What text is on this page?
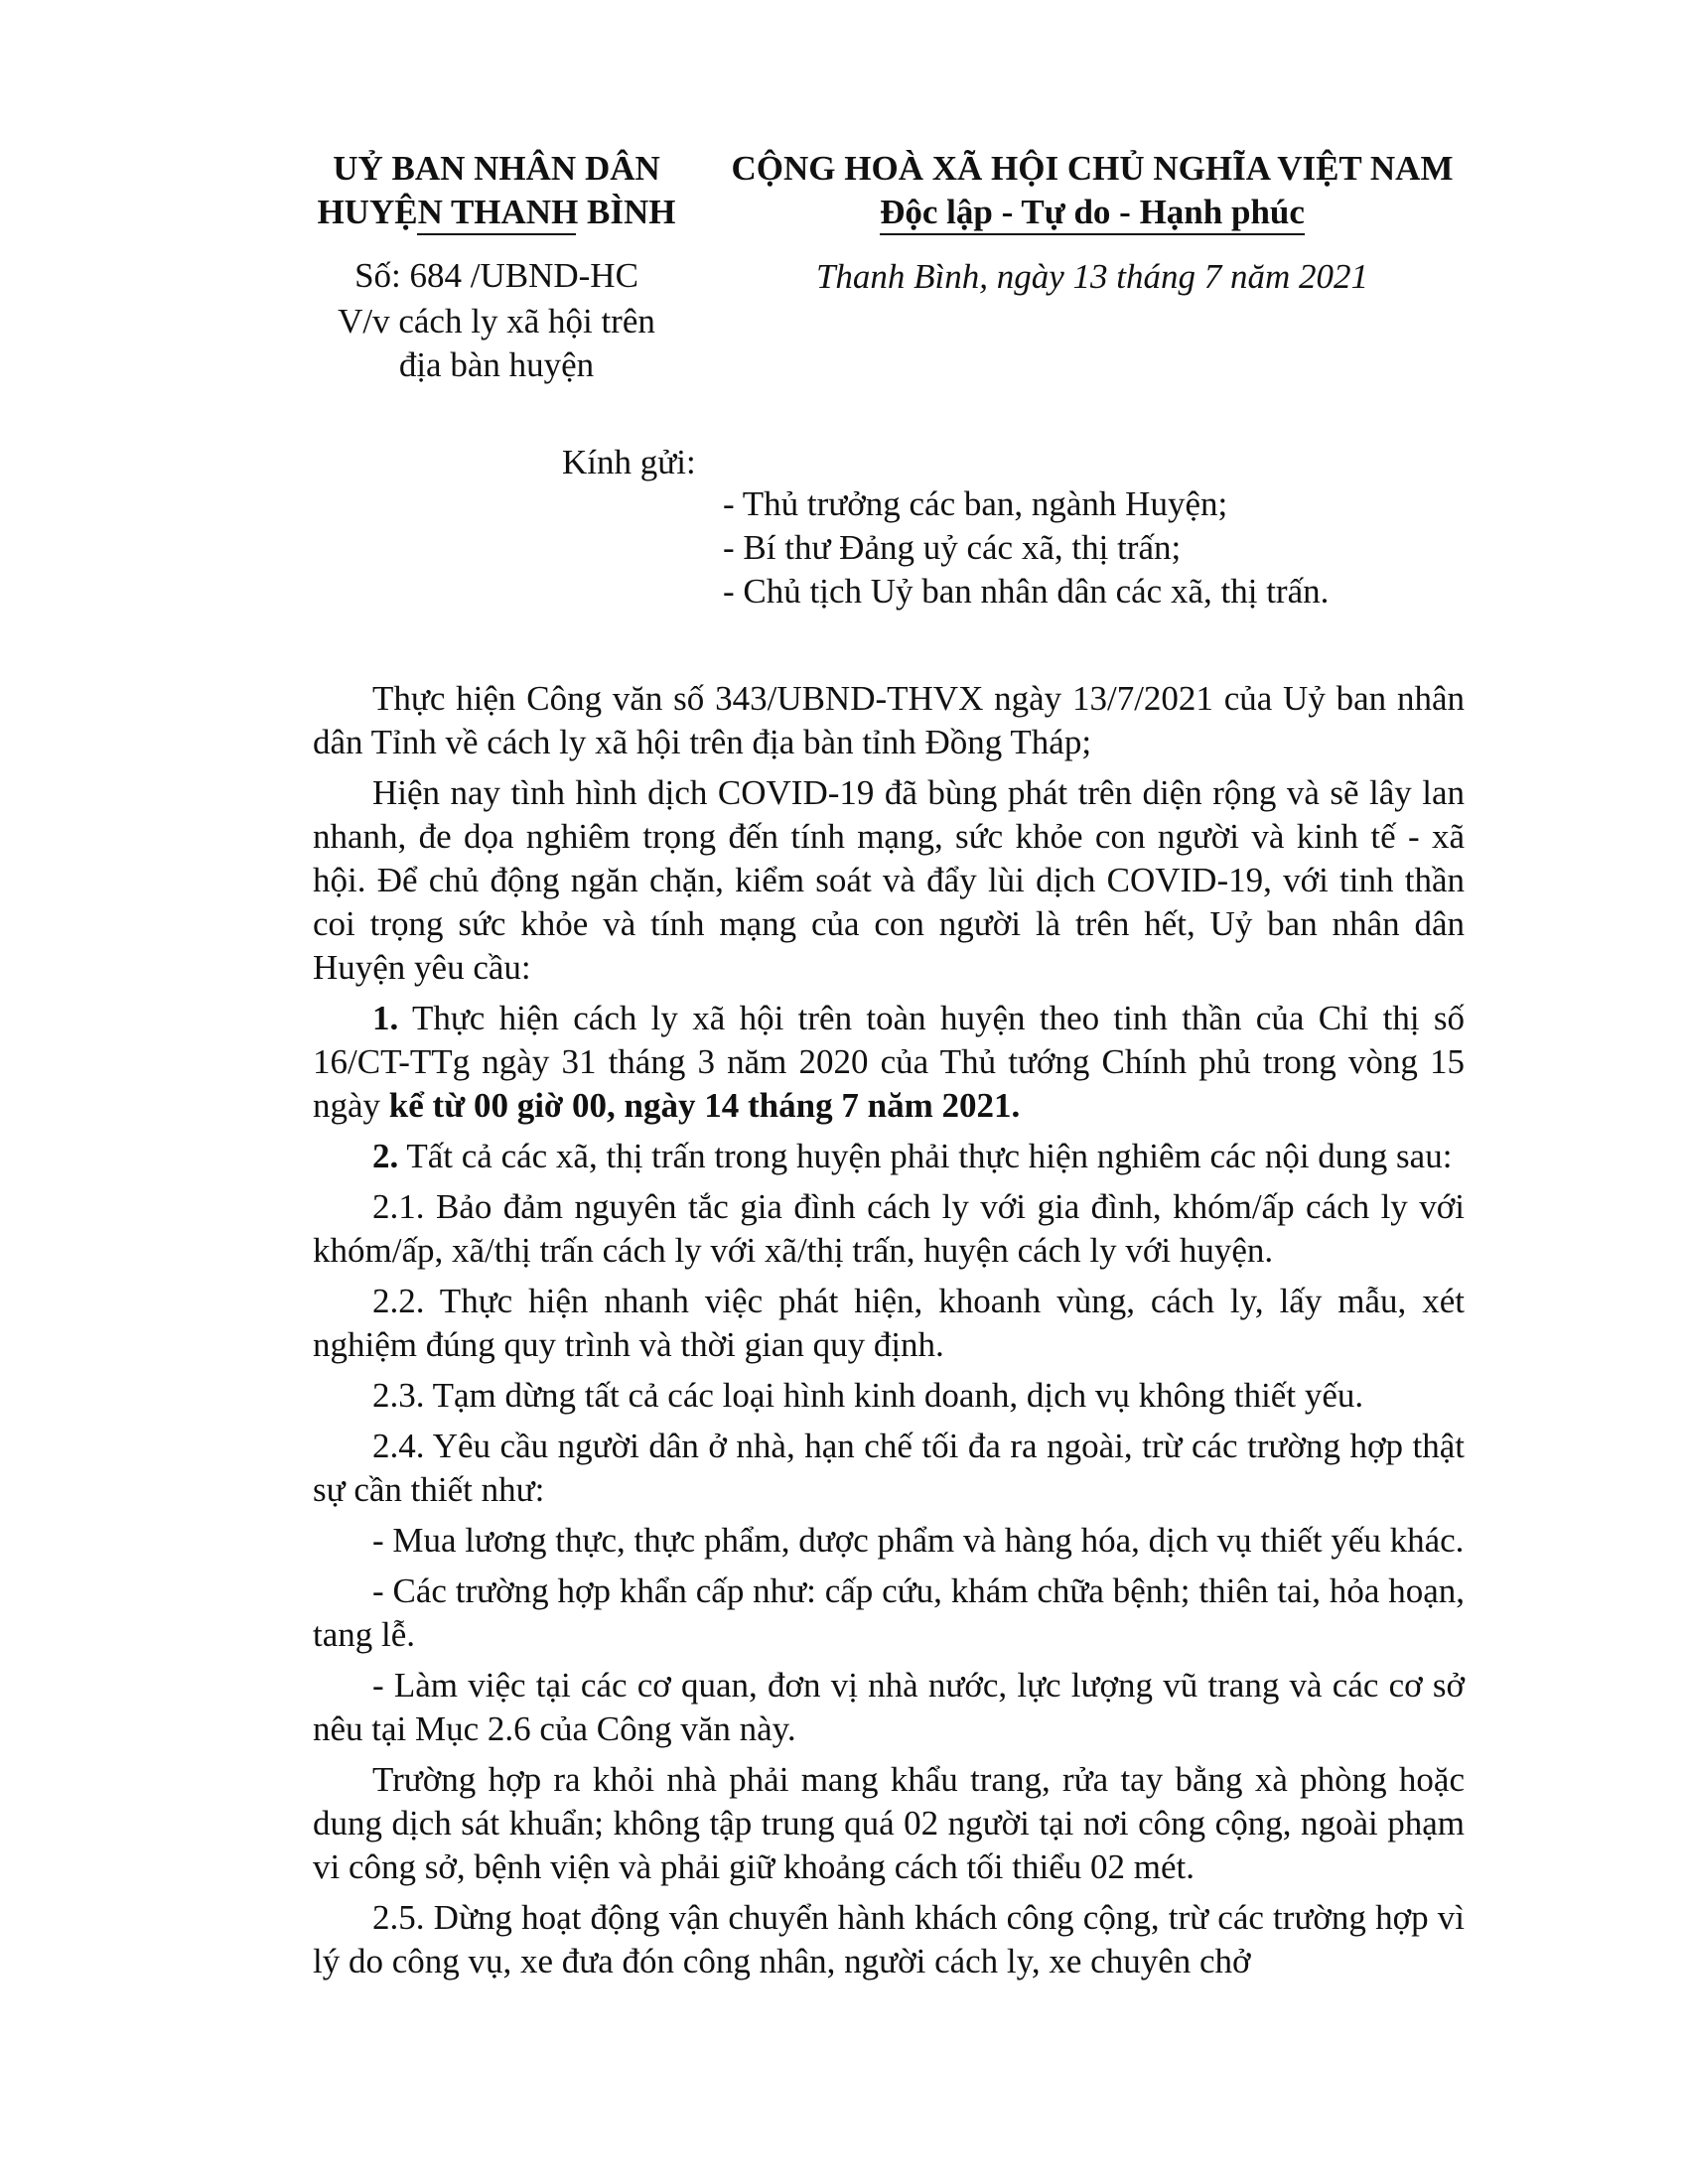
UỶ BAN NHÂN DÂN
HUYỆN THANH BÌNH
Số: 684 /UBND-HC
V/v cách ly xã hội trên
địa bàn huyện
CỘNG HOÀ XÃ HỘI CHỦ NGHĨA VIỆT NAM
Độc lập - Tự do - Hạnh phúc
Thanh Bình, ngày 13 tháng 7 năm 2021
Kính gửi:
- Thủ trưởng các ban, ngành Huyện;
- Bí thư Đảng uỷ các xã, thị trấn;
- Chủ tịch Uỷ ban nhân dân các xã, thị trấn.

Thực hiện Công văn số 343/UBND-THVX ngày 13/7/2021 của Uỷ ban nhân dân Tỉnh về cách ly xã hội trên địa bàn tỉnh Đồng Tháp;

Hiện nay tình hình dịch COVID-19 đã bùng phát trên diện rộng và sẽ lây lan nhanh, đe dọa nghiêm trọng đến tính mạng, sức khỏe con người và kinh tế - xã hội. Để chủ động ngăn chặn, kiểm soát và đẩy lùi dịch COVID-19, với tinh thần coi trọng sức khỏe và tính mạng của con người là trên hết, Uỷ ban nhân dân Huyện yêu cầu:

1. Thực hiện cách ly xã hội trên toàn huyện theo tinh thần của Chỉ thị số 16/CT-TTg ngày 31 tháng 3 năm 2020 của Thủ tướng Chính phủ trong vòng 15 ngày kể từ 00 giờ 00, ngày 14 tháng 7 năm 2021.

2. Tất cả các xã, thị trấn trong huyện phải thực hiện nghiêm các nội dung sau:

2.1. Bảo đảm nguyên tắc gia đình cách ly với gia đình, khóm/ấp cách ly với khóm/ấp, xã/thị trấn cách ly với xã/thị trấn, huyện cách ly với huyện.

2.2. Thực hiện nhanh việc phát hiện, khoanh vùng, cách ly, lấy mẫu, xét nghiệm đúng quy trình và thời gian quy định.

2.3. Tạm dừng tất cả các loại hình kinh doanh, dịch vụ không thiết yếu.

2.4. Yêu cầu người dân ở nhà, hạn chế tối đa ra ngoài, trừ các trường hợp thật sự cần thiết như:

- Mua lương thực, thực phẩm, dược phẩm và hàng hóa, dịch vụ thiết yếu khác.

- Các trường hợp khẩn cấp như: cấp cứu, khám chữa bệnh; thiên tai, hỏa hoạn, tang lễ.

- Làm việc tại các cơ quan, đơn vị nhà nước, lực lượng vũ trang và các cơ sở nêu tại Mục 2.6 của Công văn này.

Trường hợp ra khỏi nhà phải mang khẩu trang, rửa tay bằng xà phòng hoặc dung dịch sát khuẩn; không tập trung quá 02 người tại nơi công cộng, ngoài phạm vi công sở, bệnh viện và phải giữ khoảng cách tối thiểu 02 mét.

2.5. Dừng hoạt động vận chuyển hành khách công cộng, trừ các trường hợp vì lý do công vụ, xe đưa đón công nhân, người cách ly, xe chuyên chở
